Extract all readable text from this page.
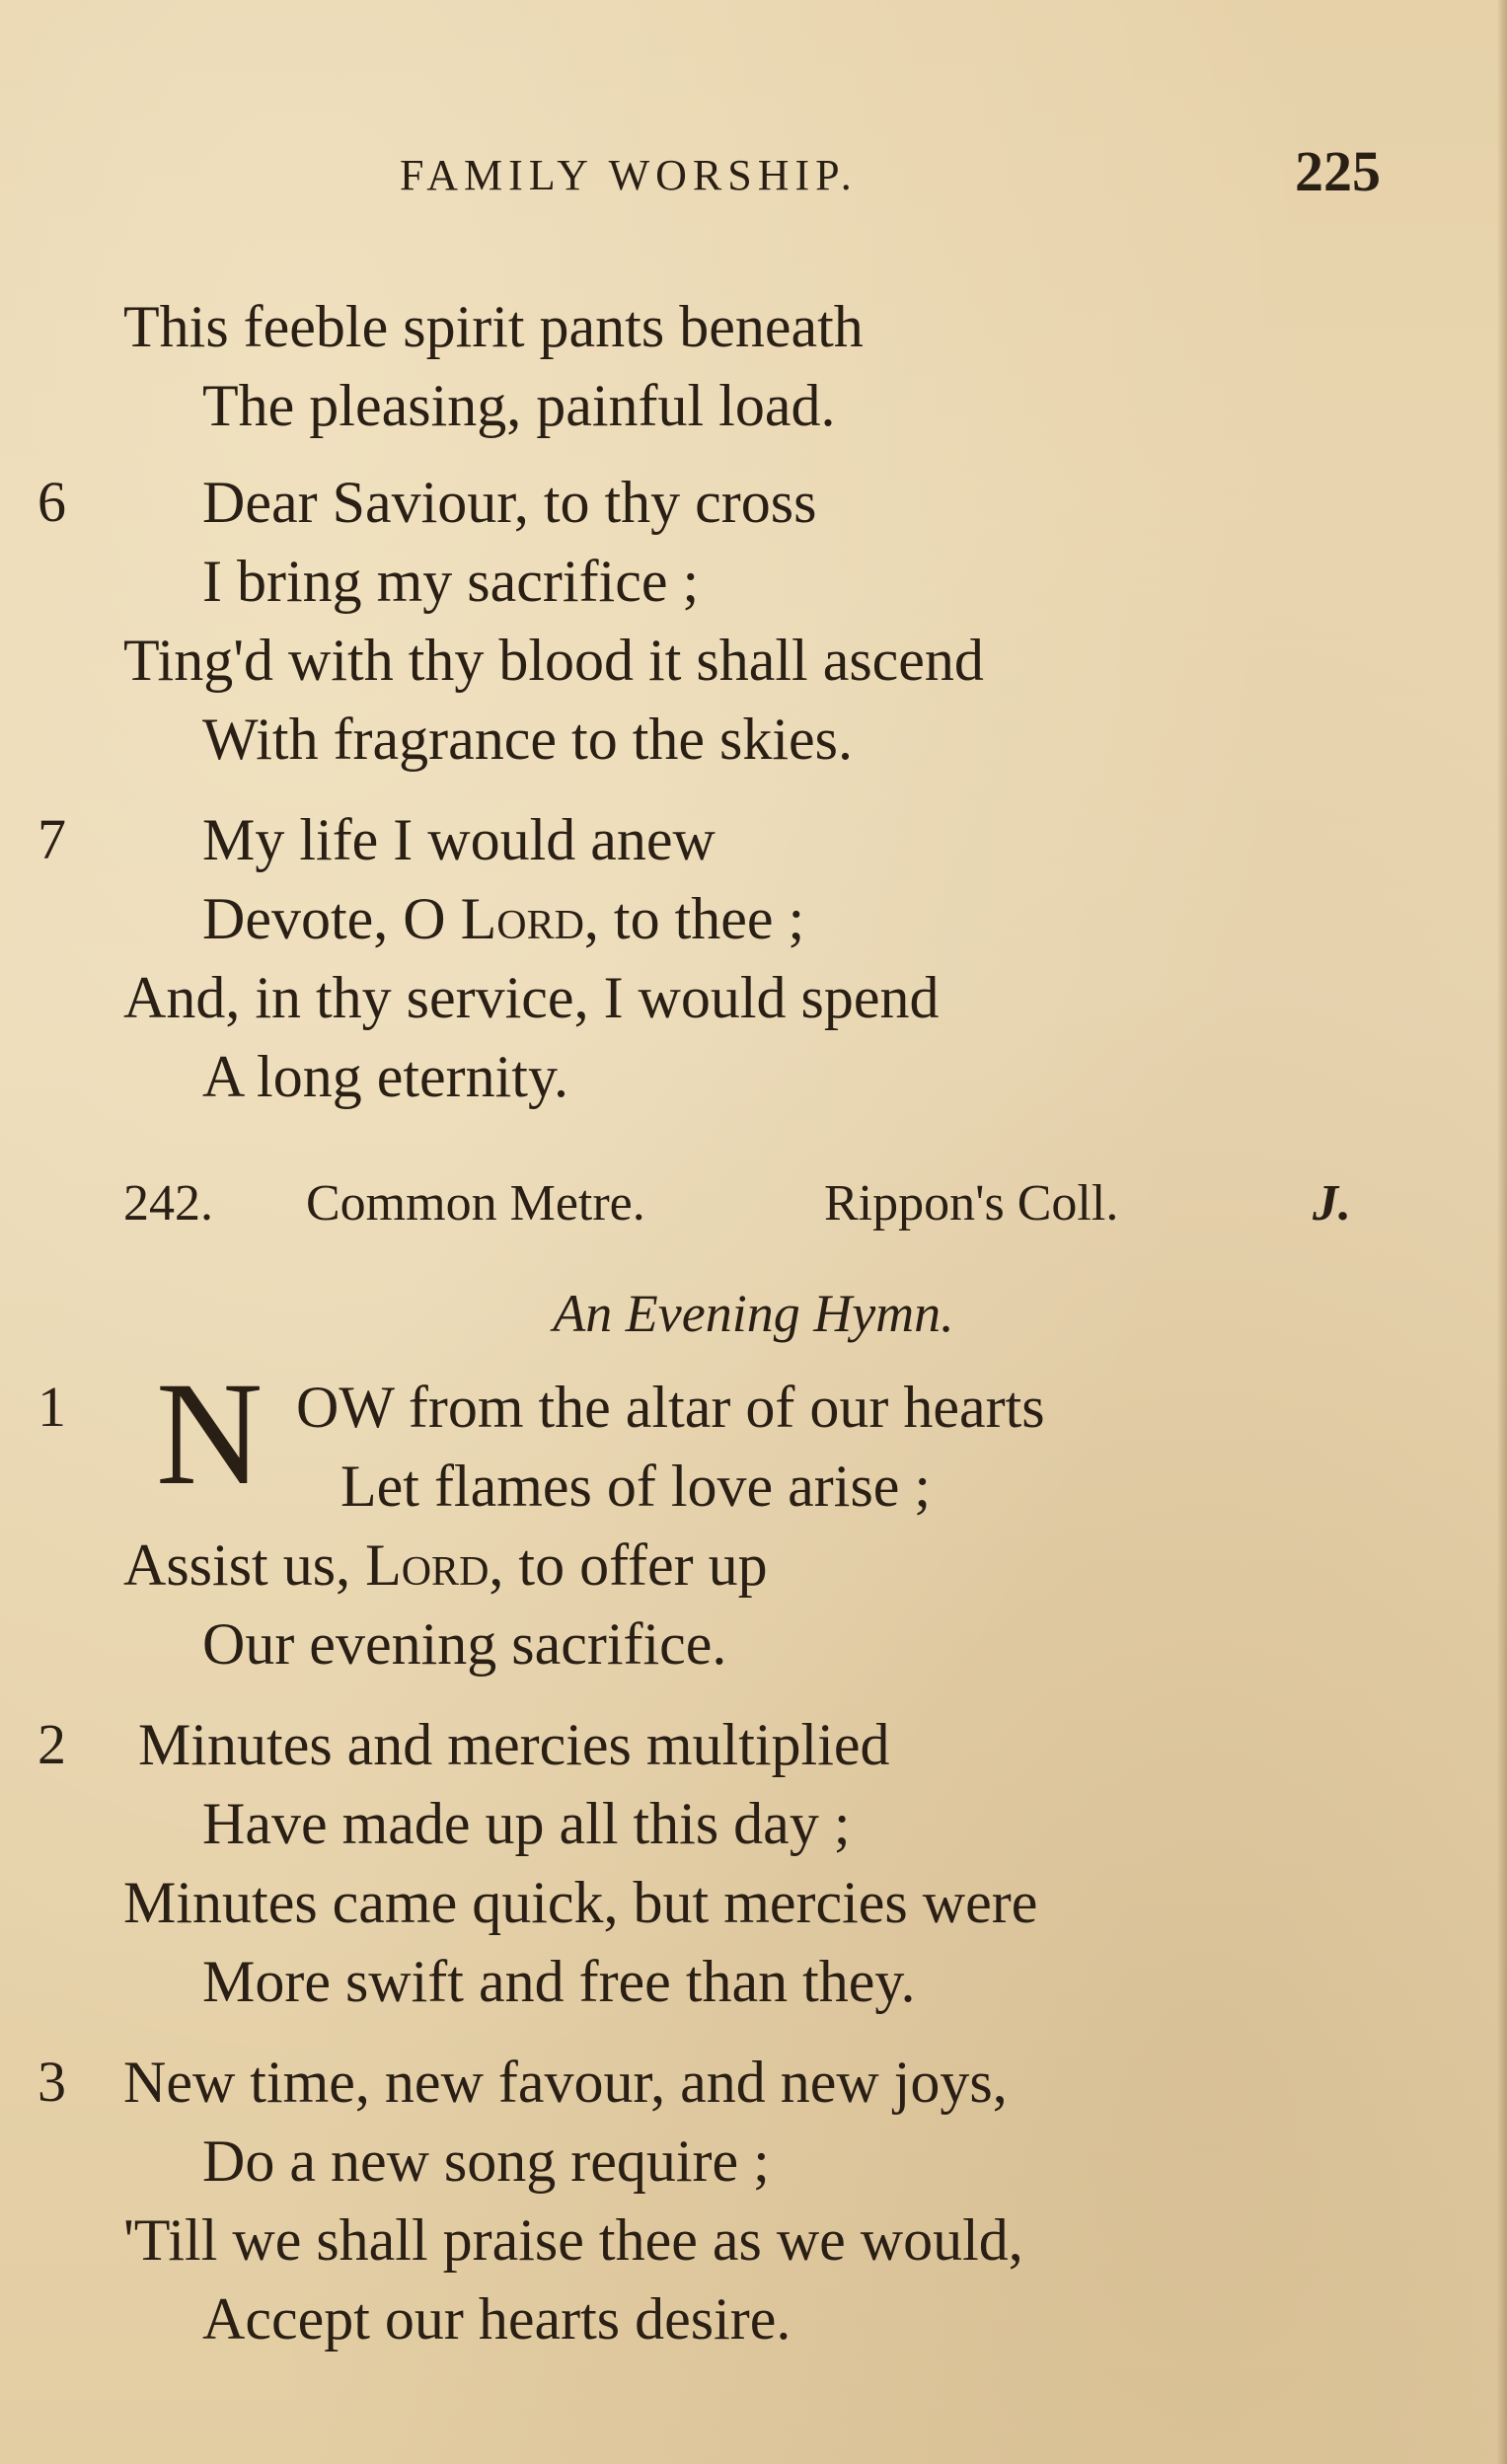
FAMILY WORSHIP.	225
This feeble spirit pants beneath
The pleasing, painful load.
6 Dear Saviour, to thy cross
I bring my sacrifice ;
Ting'd with thy blood it shall ascend
With fragrance to the skies.
7 My life I would anew
Devote, O Lord, to thee ;
And, in thy service, I would spend
A long eternity.
242. Common Metre.	Rippon's Coll.	J.
An Evening Hymn.
1 N OW from the altar of our hearts
Let flames of love arise ;
Assist us, Lord, to offer up
Our evening sacrifice.
2 Minutes and mercies multiplied
Have made up all this day ;
Minutes came quick, but mercies were
More swift and free than they.
3 New time, new favour, and new joys,
Do a new song require ;
'Till we shall praise thee as we would,
Accept our hearts desire.
